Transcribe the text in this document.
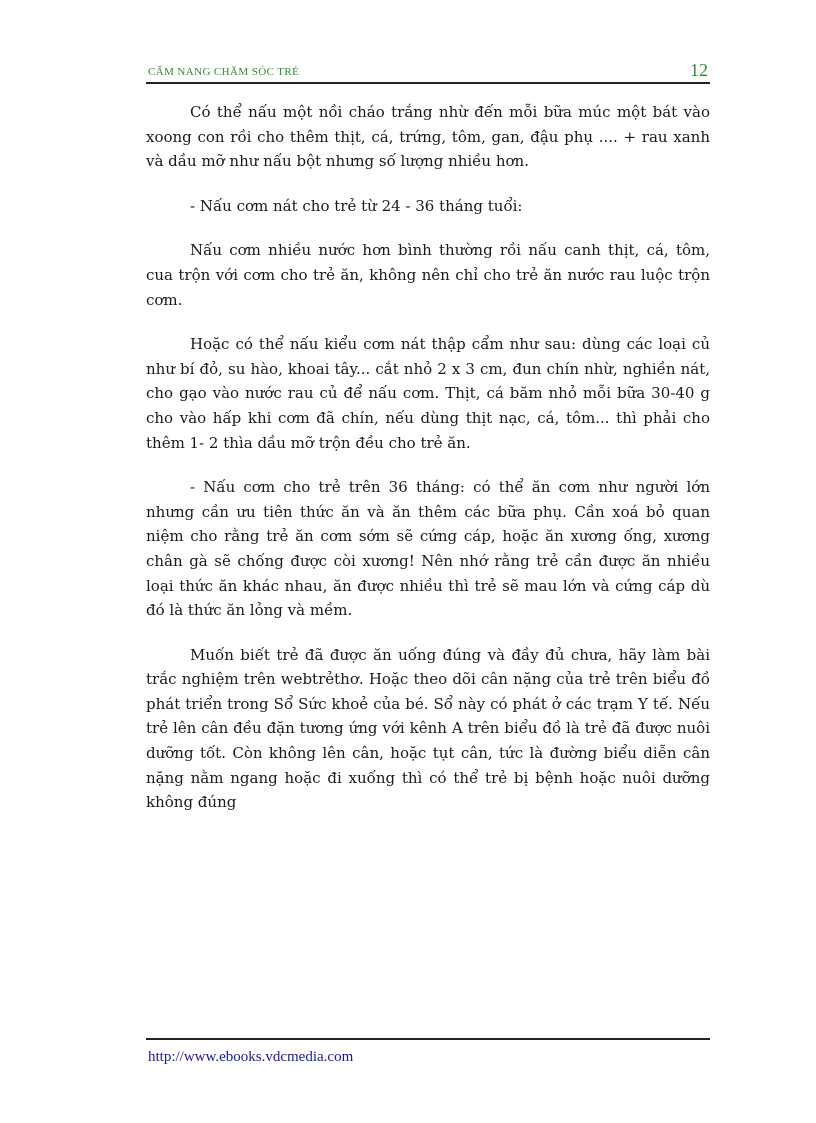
CẨM NANG CHĂM SÓC TRẺ	12

Có thể nấu một nồi cháo trắng nhừ đến mỗi bữa múc một bát vào xoong con rồi cho thêm thịt, cá, trứng, tôm, gan, đậu phụ .... + rau xanh và dầu mỡ như nấu bột nhưng số lượng nhiều hơn.

- Nấu cơm nát cho trẻ từ 24 - 36 tháng tuổi:

Nấu cơm nhiều nước hơn bình thường rồi nấu canh thịt, cá, tôm, cua trộn với cơm cho trẻ ăn, không nên chỉ cho trẻ ăn nước rau luộc trộn cơm.

Hoặc có thể nấu kiểu cơm nát thập cẩm như sau: dùng các loại củ như bí đỏ, su hào, khoai tây... cắt nhỏ 2 x 3 cm, đun chín nhừ, nghiền nát, cho gạo vào nước rau củ để nấu cơm. Thịt, cá băm nhỏ mỗi bữa 30-40 g cho vào hấp khi cơm đã chín, nếu dùng thịt nạc, cá, tôm... thì phải cho thêm 1- 2 thìa dầu mỡ trộn đều cho trẻ ăn.

- Nấu cơm cho trẻ trên 36 tháng: có thể ăn cơm như người lớn nhưng cần ưu tiên thức ăn và ăn thêm các bữa phụ. Cần xoá bỏ quan niệm cho rằng trẻ ăn cơm sớm sẽ cứng cáp, hoặc ăn xương ống, xương chân gà sẽ chống được còi xương! Nên nhớ rằng trẻ cần được ăn nhiều loại thức ăn khác nhau, ăn được nhiều thì trẻ sẽ mau lớn và cứng cáp dù đó là thức ăn lỏng và mềm.

Muốn biết trẻ đã được ăn uống đúng và đầy đủ chưa, hãy làm bài trắc nghiệm trên webtrẻthơ. Hoặc theo dõi cân nặng của trẻ trên biểu đồ phát triển trong Sổ Sức khoẻ của bé. Sổ này có phát ở các trạm Y tế. Nếu trẻ lên cân đều đặn tương ứng với kênh A trên biểu đồ là trẻ đã được nuôi dưỡng tốt. Còn không lên cân, hoặc tụt cân, tức là đường biểu diễn cân nặng nằm ngang hoặc đi xuống thì có thể trẻ bị bệnh hoặc nuôi dưỡng không đúng

http://www.ebooks.vdcmedia.com
